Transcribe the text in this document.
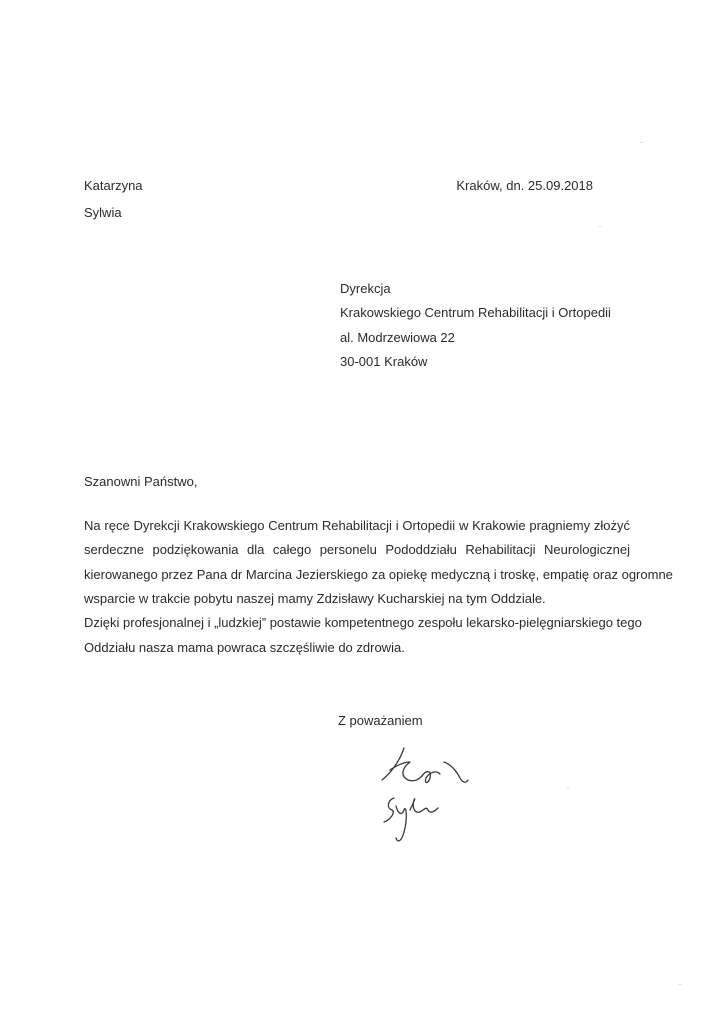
Katarzyna
Sylwia
Kraków, dn. 25.09.2018
Dyrekcja
Krakowskiego Centrum Rehabilitacji i Ortopedii
al. Modrzewiowa 22
30-001 Kraków
Szanowni Państwo,
Na ręce Dyrekcji Krakowskiego Centrum Rehabilitacji i Ortopedii w Krakowie pragniemy złożyć
serdeczne podziękowania dla całego personelu Pododdziału Rehabilitacji Neurologicznej
kierowanego przez Pana dr Marcina Jezierskiego za opiekę medyczną i troskę, empatię oraz ogromne
wsparcie w trakcie pobytu naszej mamy Zdzisławy Kucharskiej na tym Oddziale.
Dzięki profesjonalnej i „ludzkiej” postawie kompetentnego zespołu lekarsko-pielęgniarskiego tego
Oddziału nasza mama powraca szczęśliwie do zdrowia.
Z poważaniem
